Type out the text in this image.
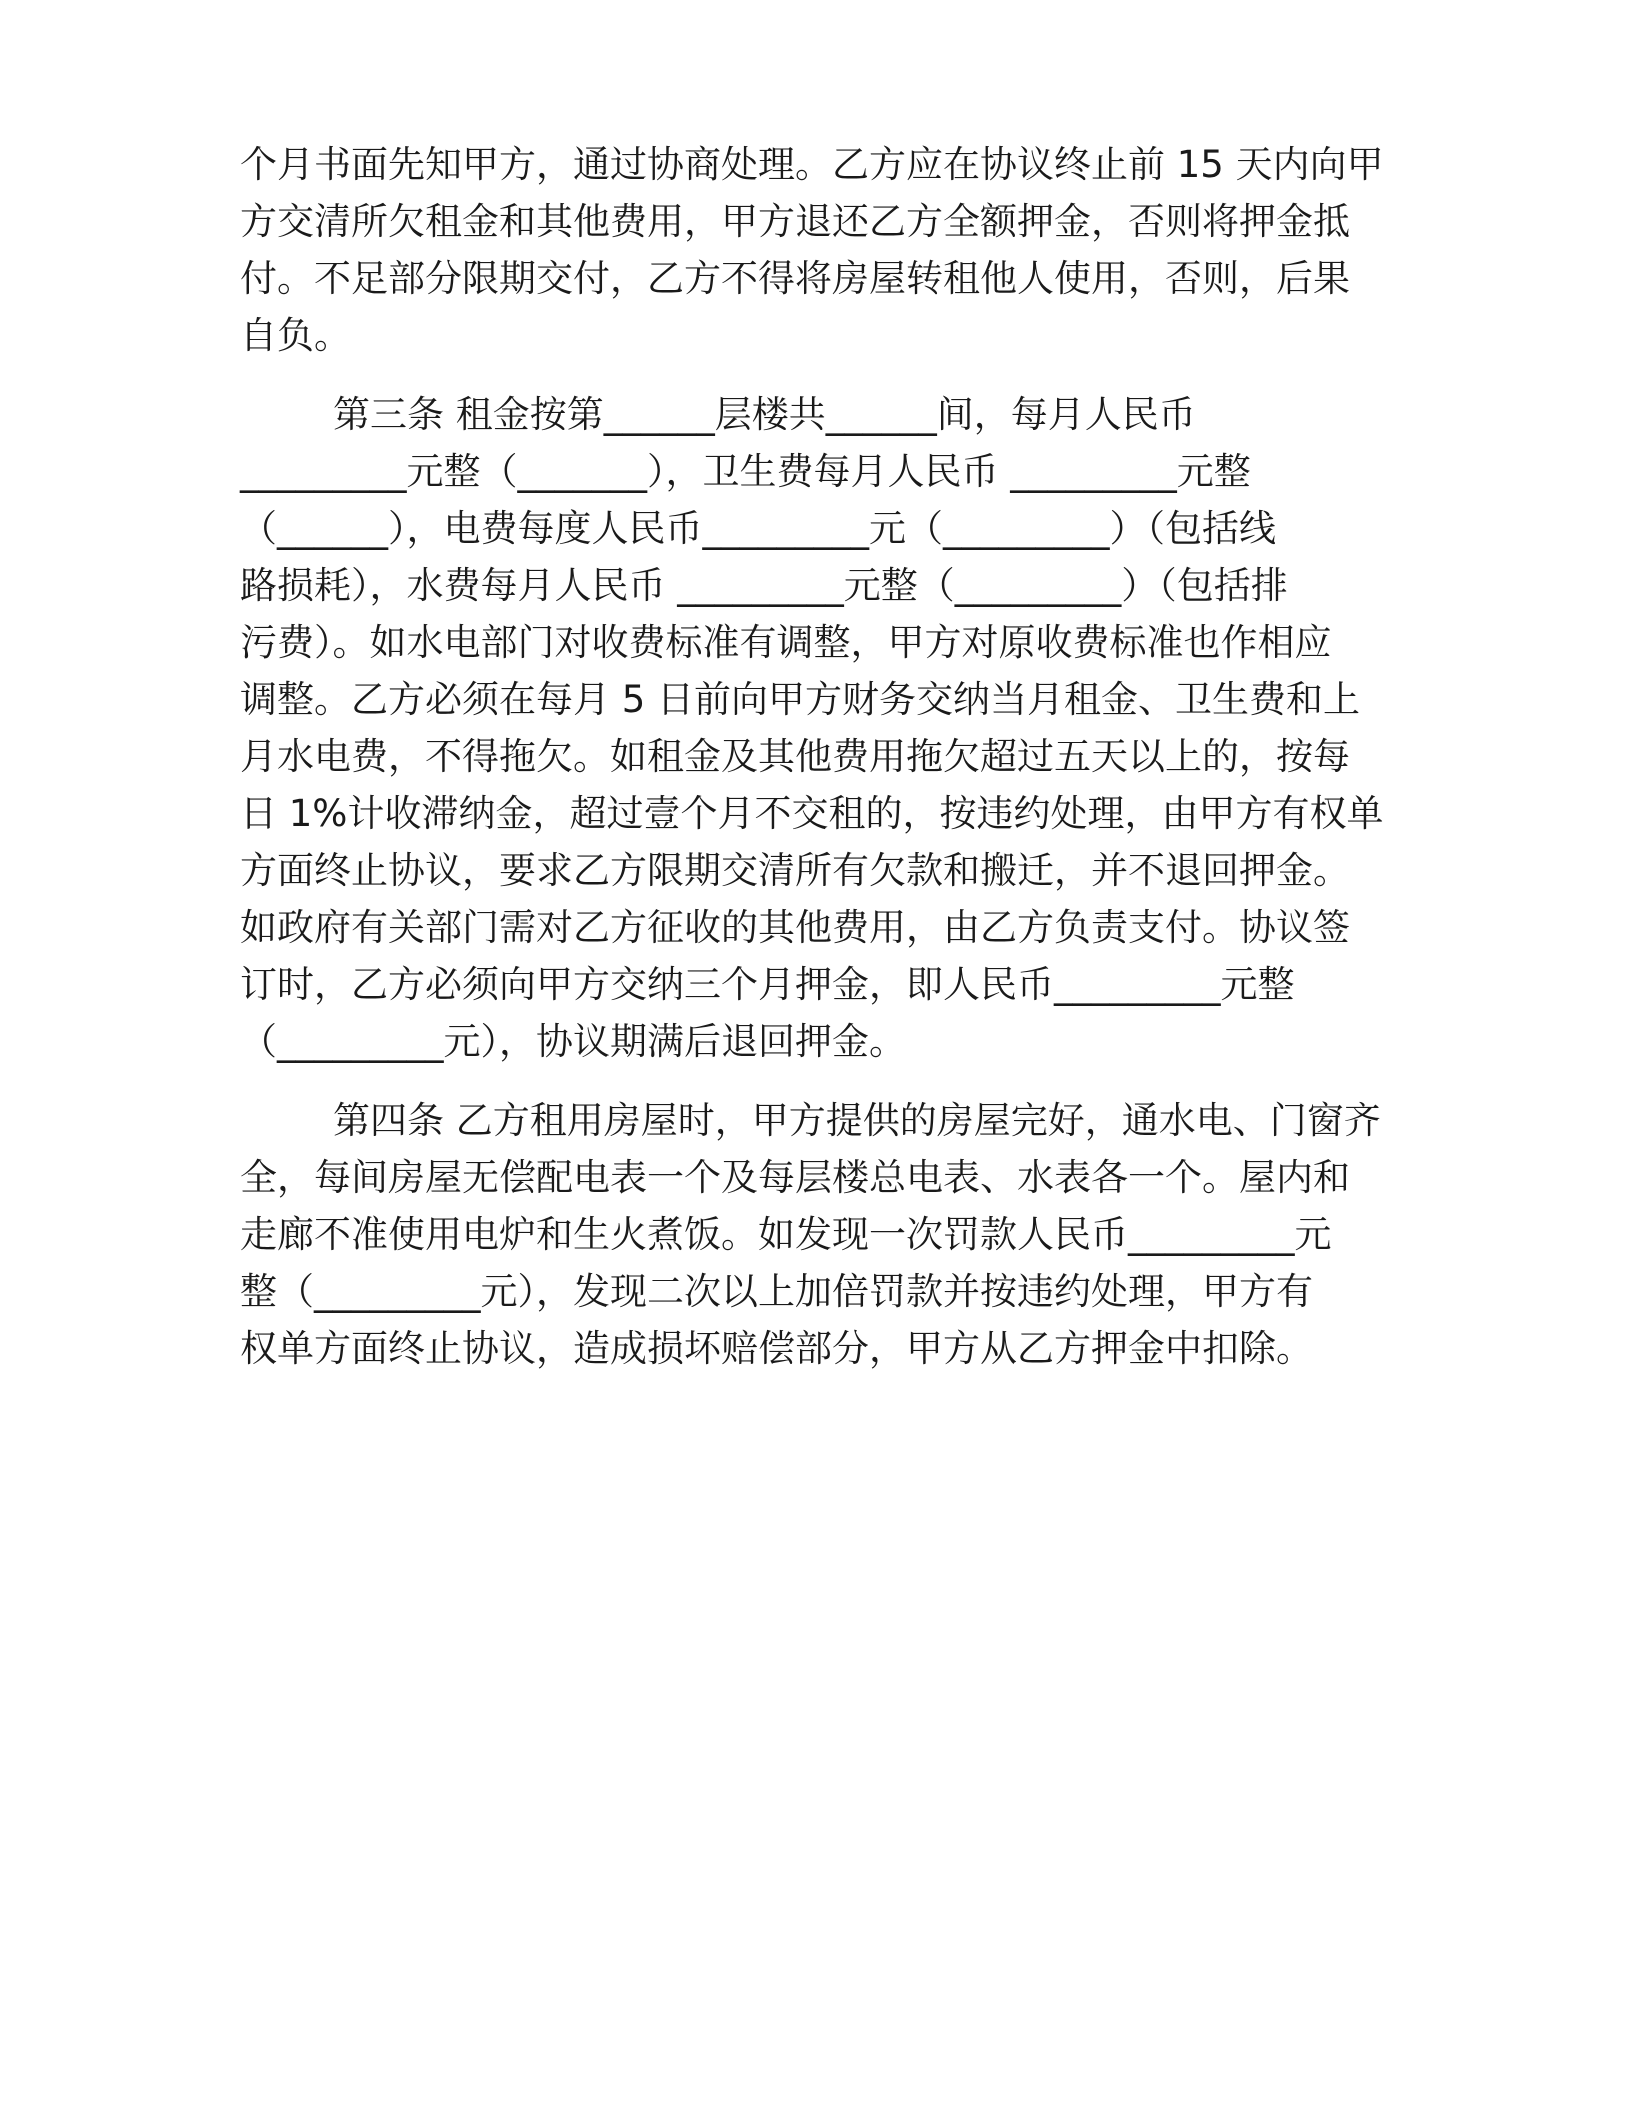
个月书面先知甲方，通过协商处理。乙方应在协议终止前 15 天内向甲

方交清所欠租金和其他费用，甲方退还乙方全额押金，否则将押金抵

付。不足部分限期交付，乙方不得将房屋转租他人使用，否则，后果

自负。

第三条 租金按第______层楼共______间，每月人民币

_________元整（_______），卫生费每月人民币 _________元整

（______），电费每度人民币_________元（_________）（包括线

路损耗），水费每月人民币 _________元整（_________）（包括排

污费）。如水电部门对收费标准有调整，甲方对原收费标准也作相应

调整。乙方必须在每月 5 日前向甲方财务交纳当月租金、卫生费和上

月水电费，不得拖欠。如租金及其他费用拖欠超过五天以上的，按每

日 1%计收滞纳金，超过壹个月不交租的，按违约处理，由甲方有权单

方面终止协议，要求乙方限期交清所有欠款和搬迁，并不退回押金。

如政府有关部门需对乙方征收的其他费用，由乙方负责支付。协议签

订时，乙方必须向甲方交纳三个月押金，即人民币_________元整

（_________元），协议期满后退回押金。

第四条 乙方租用房屋时，甲方提供的房屋完好，通水电、门窗齐

全，每间房屋无偿配电表一个及每层楼总电表、水表各一个。屋内和

走廊不准使用电炉和生火煮饭。如发现一次罚款人民币_________元

整（_________元），发现二次以上加倍罚款并按违约处理，甲方有

权单方面终止协议，造成损坏赔偿部分，甲方从乙方押金中扣除。
